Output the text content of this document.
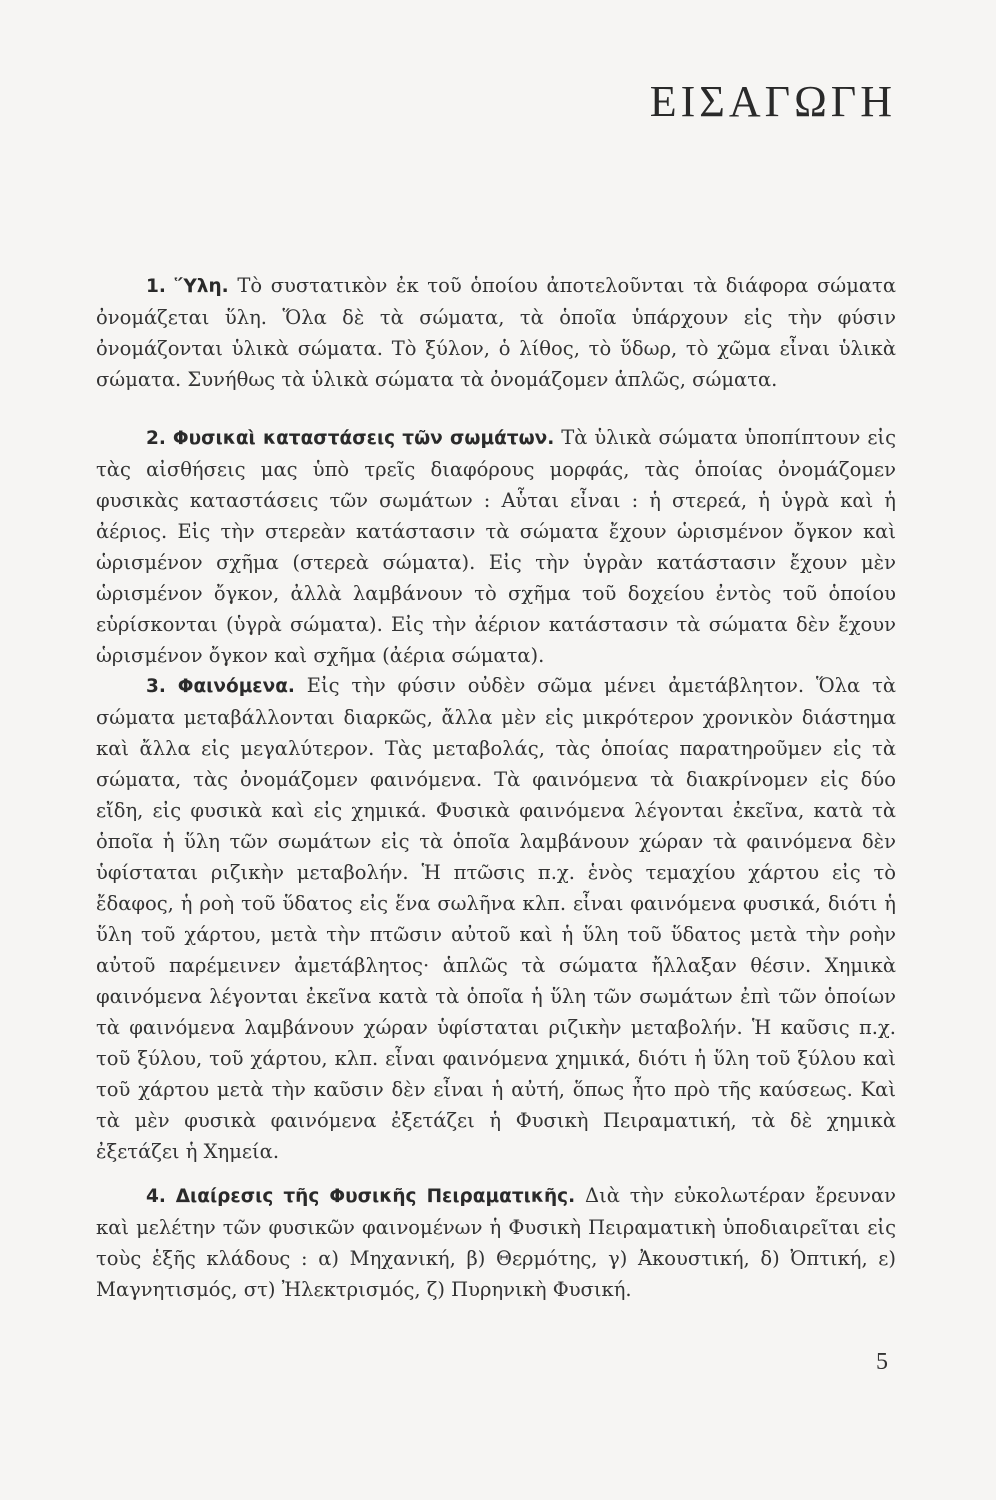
ΕΙΣΑΓΩΓΗ

1. Ὕλη. Τὸ συστατικὸν ἐκ τοῦ ὁποίου ἀποτελοῦνται τὰ διάφορα σώματα ὀνομάζεται ὕλη. Ὅλα δὲ τὰ σώματα, τὰ ὁποῖα ὑπάρχουν εἰς τὴν φύσιν ὀνομάζονται ὑλικὰ σώματα. Τὸ ξύλον, ὁ λίθος, τὸ ὕδωρ, τὸ χῶμα εἶναι ὑλικὰ σώματα. Συνήθως τὰ ὑλικὰ σώματα τὰ ὀνομάζομεν ἁπλῶς, σώματα.

2. Φυσικαὶ καταστάσεις τῶν σωμάτων. Τὰ ὑλικὰ σώματα ὑποπίπτουν εἰς τὰς αἰσθήσεις μας ὑπὸ τρεῖς διαφόρους μορφάς, τὰς ὁποίας ὀνομάζομεν φυσικὰς καταστάσεις τῶν σωμάτων : Αὗται εἶναι : ἡ στερεά, ἡ ὑγρὰ καὶ ἡ ἀέριος. Εἰς τὴν στερεὰν κατάστασιν τὰ σώματα ἔχουν ὡρισμένον ὄγκον καὶ ὡρισμένον σχῆμα (στερεὰ σώματα). Εἰς τὴν ὑγρὰν κατάστασιν ἔχουν μὲν ὡρισμένον ὄγκον, ἀλλὰ λαμβάνουν τὸ σχῆμα τοῦ δοχείου ἐντὸς τοῦ ὁποίου εὑρίσκονται (ὑγρὰ σώματα). Εἰς τὴν ἀέριον κατάστασιν τὰ σώματα δὲν ἔχουν ὡρισμένον ὄγκον καὶ σχῆμα (ἀέρια σώματα).

3. Φαινόμενα. Εἰς τὴν φύσιν οὐδὲν σῶμα μένει ἀμετάβλητον. Ὅλα τὰ σώματα μεταβάλλονται διαρκῶς, ἄλλα μὲν εἰς μικρότερον χρονικὸν διάστημα καὶ ἄλλα εἰς μεγαλύτερον. Τὰς μεταβολάς, τὰς ὁποίας παρατηροῦμεν εἰς τὰ σώματα, τὰς ὀνομάζομεν φαινόμενα. Τὰ φαινόμενα τὰ διακρίνομεν εἰς δύο εἴδη, εἰς φυσικὰ καὶ εἰς χημικά. Φυσικὰ φαινόμενα λέγονται ἐκεῖνα, κατὰ τὰ ὁποῖα ἡ ὕλη τῶν σωμάτων εἰς τὰ ὁποῖα λαμβάνουν χώραν τὰ φαινόμενα δὲν ὑφίσταται ριζικὴν μεταβολήν. Ἡ πτῶσις π.χ. ἑνὸς τεμαχίου χάρτου εἰς τὸ ἔδαφος, ἡ ροὴ τοῦ ὕδατος εἰς ἕνα σωλῆνα κλπ. εἶναι φαινόμενα φυσικά, διότι ἡ ὕλη τοῦ χάρτου, μετὰ τὴν πτῶσιν αὐτοῦ καὶ ἡ ὕλη τοῦ ὕδατος μετὰ τὴν ροὴν αὐτοῦ παρέμεινεν ἀμετάβλητος· ἁπλῶς τὰ σώματα ἤλλαξαν θέσιν. Χημικὰ φαινόμενα λέγονται ἐκεῖνα κατὰ τὰ ὁποῖα ἡ ὕλη τῶν σωμάτων ἐπὶ τῶν ὁποίων τὰ φαινόμενα λαμβάνουν χώραν ὑφίσταται ριζικὴν μεταβολήν. Ἡ καῦσις π.χ. τοῦ ξύλου, τοῦ χάρτου, κλπ. εἶναι φαινόμενα χημικά, διότι ἡ ὕλη τοῦ ξύλου καὶ τοῦ χάρτου μετὰ τὴν καῦσιν δὲν εἶναι ἡ αὐτή, ὅπως ἦτο πρὸ τῆς καύσεως. Καὶ τὰ μὲν φυσικὰ φαινόμενα ἐξετάζει ἡ Φυσικὴ Πειραματική, τὰ δὲ χημικὰ ἐξετάζει ἡ Χημεία.

4. Διαίρεσις τῆς Φυσικῆς Πειραματικῆς. Διὰ τὴν εὐκολωτέραν ἔρευναν καὶ μελέτην τῶν φυσικῶν φαινομένων ἡ Φυσικὴ Πειραματικὴ ὑποδιαιρεῖται εἰς τοὺς ἑξῆς κλάδους : α) Μηχανική, β) Θερμότης, γ) Ἀκουστική, δ) Ὀπτική, ε) Μαγνητισμός, στ) Ἠλεκτρισμός, ζ) Πυρηνικὴ Φυσική.

5
